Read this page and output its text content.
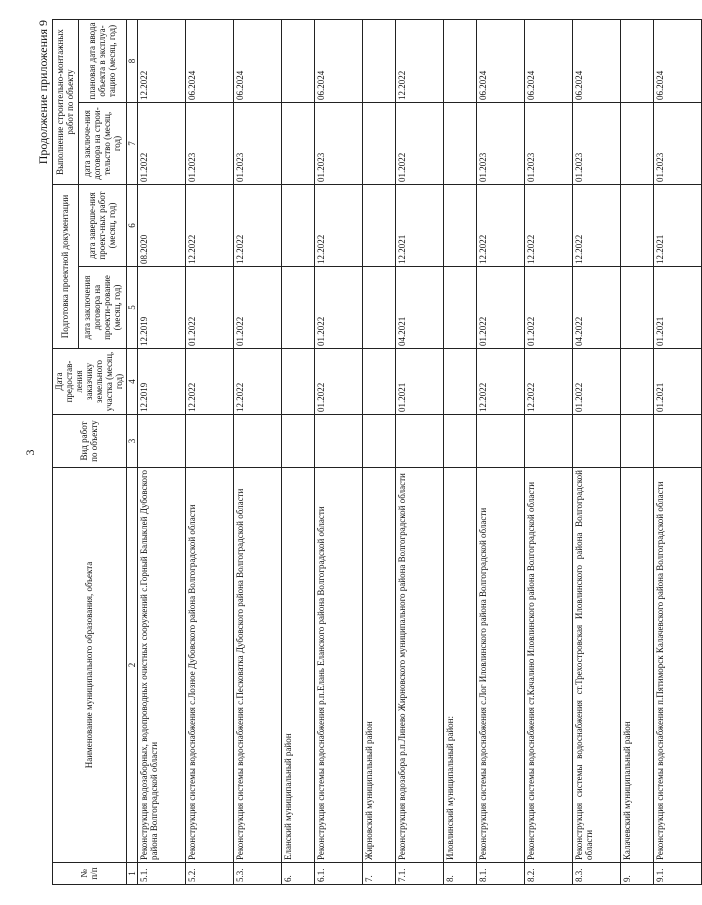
3
Продолжение приложения 9
№ п/п	Наименование муниципального образования, объекта	Вид работ по объекту	Дата предостав-ления заказчику земельного участка (месяц, год)	Подготовка проектной документации		Выполнение строительно-монтажных работ по объекту	
				дата заключения договора на проекти-рование (месяц, год)	дата заверше-ния проект-ных работ (месяц, год)	дата заключе-ния договора на строи-тельство (месяц, год)	плановая дата ввода объекта в эксплуа-тацию (месяц, год)
1	2	3	4	5	6	7	8
5.1.	Реконструкция водозаборных, водопроводных очистных сооружений с.Горный Балыклей Дубовского района Волгоградской области		12.2019	12.2019	08.2020	01.2022	12.2022
5.2.	Реконструкция системы водоснабжения с.Лозное Дубовского района Волгоградской области		12.2022	01.2022	12.2022	01.2023	06.2024
5.3.	Реконструкция системы водоснабжения с.Песковатка Дубовского района Волгоградской области		12.2022	01.2022	12.2022	01.2023	06.2024
6.	Еланский муниципальный район						
6.1.	Реконструкция системы водоснабжения р.п.Елань Еланского района Волгоградской области		01.2022	01.2022	12.2022	01.2023	06.2024
7.	Жирновский муниципальный район						
7.1.	Реконструкция водозабора р.п.Линево Жирновского муниципального района Волгоградской области		01.2021	04.2021	12.2021	01.2022	12.2022
8.	Иловлинский муниципальный район:						
8.1.	Реконструкция системы водоснабжения с.Лог Иловлинского района Волгоградской области		12.2022	01.2022	12.2022	01.2023	06.2024
8.2.	Реконструкция системы водоснабжения ст.Качалино Иловлинского района Волгоградской области		12.2022	01.2022	12.2022	01.2023	06.2024
8.3.	Реконструкция системы водоснабжения ст.Трехостровская Иловлинского района Волгоградской области		01.2022	04.2022	12.2022	01.2023	06.2024
9.	Калачевский муниципальный район						
9.1.	Реконструкция системы водоснабжения п.Пятиморск Калачевского района Волгоградской области		01.2021	01.2021	12.2021	01.2023	06.2024
